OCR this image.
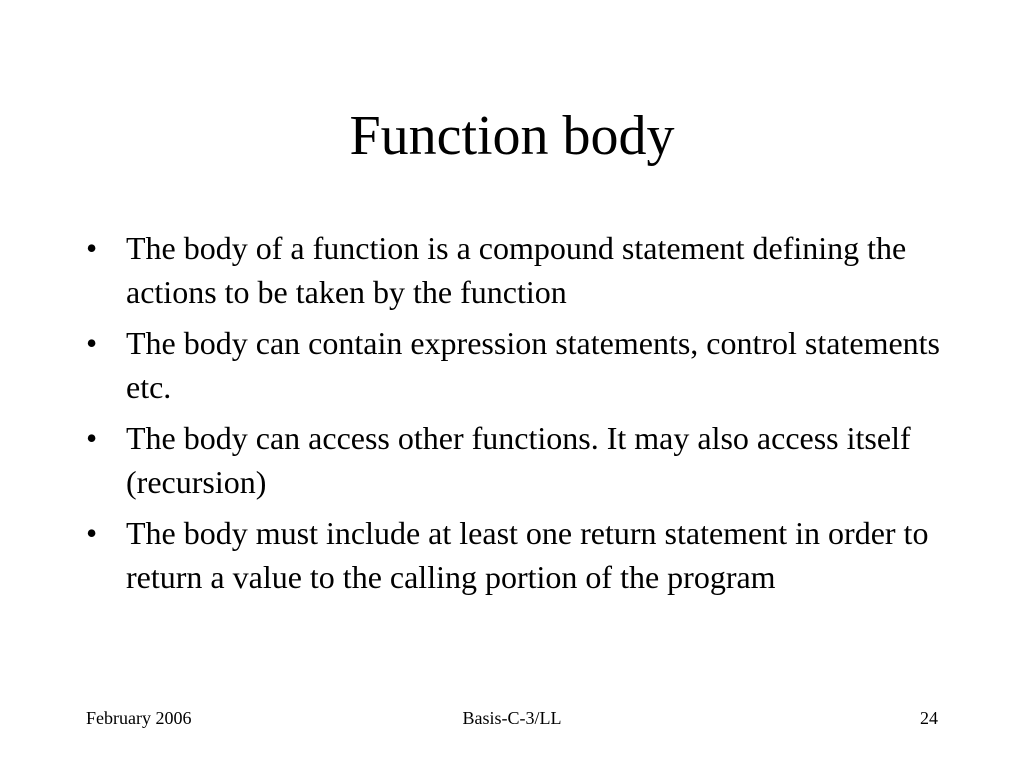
Function body
• The body of a function is a compound statement defining the actions to be taken by the function
• The body can contain expression statements, control statements etc.
• The body can access other functions. It may also access itself (recursion)
• The body must include at least one return statement in order to return a value to the calling portion of the program
February 2006	Basis-C-3/LL	24
